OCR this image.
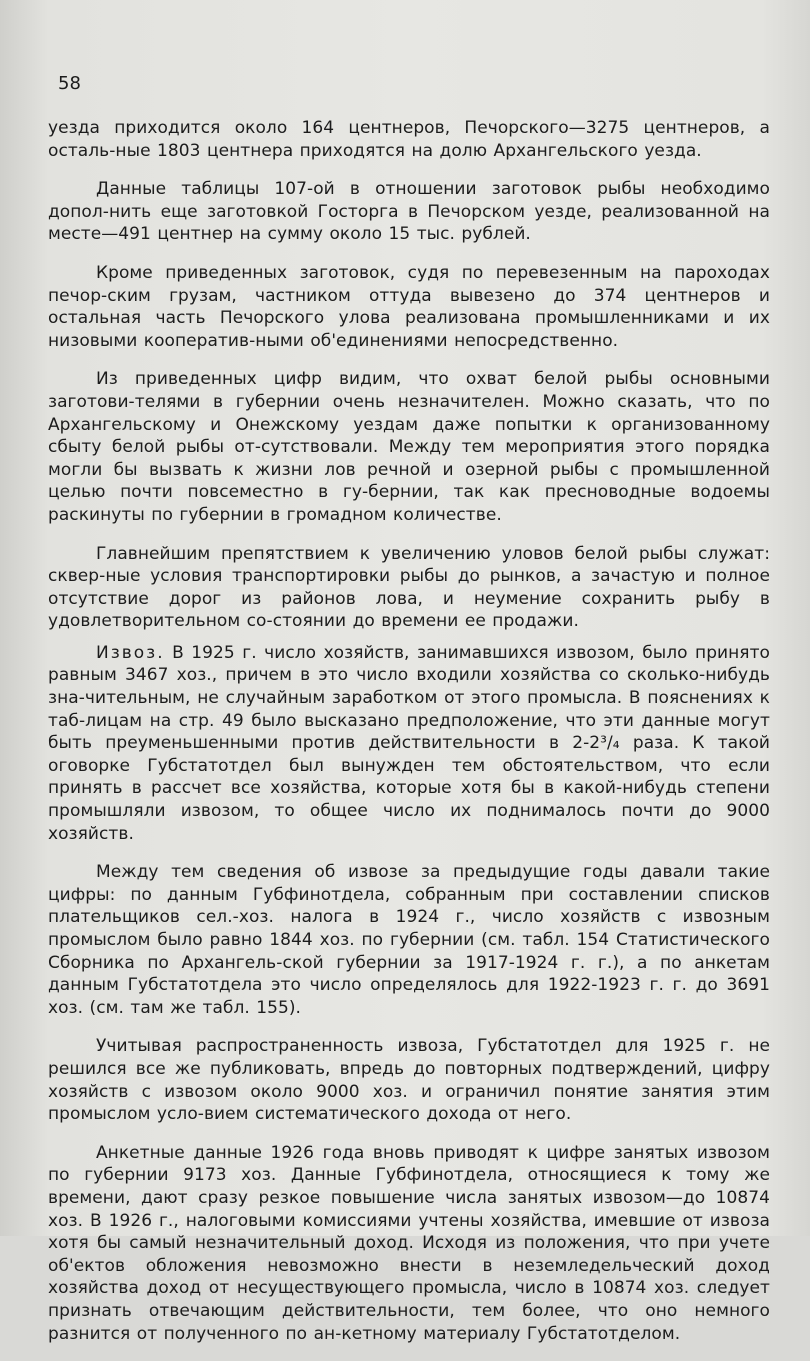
58

уезда приходится около 164 центнеров, Печорского—3275 центнеров, а осталь-ные 1803 центнера приходятся на долю Архангельского уезда.

Данные таблицы 107-ой в отношении заготовок рыбы необходимо допол-нить еще заготовкой Госторга в Печорском уезде, реализованной на месте—491 центнер на сумму около 15 тыс. рублей.

Кроме приведенных заготовок, судя по перевезенным на пароходах печор-ским грузам, частником оттуда вывезено до 374 центнеров и остальная часть Печорского улова реализована промышленниками и их низовыми кооператив-ными об'единениями непосредственно.

Из приведенных цифр видим, что охват белой рыбы основными заготови-телями в губернии очень незначителен. Можно сказать, что по Архангельскому и Онежскому уездам даже попытки к организованному сбыту белой рыбы от-сутствовали. Между тем мероприятия этого порядка могли бы вызвать к жизни лов речной и озерной рыбы с промышленной целью почти повсеместно в гу-бернии, так как пресноводные водоемы раскинуты по губернии в громадном количестве.

Главнейшим препятствием к увеличению уловов белой рыбы служат: сквер-ные условия транспортировки рыбы до рынков, а зачастую и полное отсутствие дорог из районов лова, и неумение сохранить рыбу в удовлетворительном со-стоянии до времени ее продажи.

Извоз. В 1925 г. число хозяйств, занимавшихся извозом, было принято равным 3467 хоз., причем в это число входили хозяйства со сколько-нибудь зна-чительным, не случайным заработком от этого промысла. В пояснениях к таб-лицам на стр. 49 было высказано предположение, что эти данные могут быть преуменьшенными против действительности в 2-2³/₄ раза. К такой оговорке Губстатотдел был вынужден тем обстоятельством, что если принять в рассчет все хозяйства, которые хотя бы в какой-нибудь степени промышляли извозом, то общее число их поднималось почти до 9000 хозяйств.

Между тем сведения об извозе за предыдущие годы давали такие цифры: по данным Губфинотдела, собранным при составлении списков плательщиков сел.-хоз. налога в 1924 г., число хозяйств с извозным промыслом было равно 1844 хоз. по губернии (см. табл. 154 Статистического Сборника по Архангель-ской губернии за 1917-1924 г. г.), а по анкетам данным Губстатотдела это число определялось для 1922-1923 г. г. до 3691 хоз. (см. там же табл. 155).

Учитывая распространенность извоза, Губстатотдел для 1925 г. не решился все же публиковать, впредь до повторных подтверждений, цифру хозяйств с извозом около 9000 хоз. и ограничил понятие занятия этим промыслом усло-вием систематического дохода от него.

Анкетные данные 1926 года вновь приводят к цифре занятых извозом по губернии 9173 хоз. Данные Губфинотдела, относящиеся к тому же времени, дают сразу резкое повышение числа занятых извозом—до 10874 хоз. В 1926 г., налоговыми комиссиями учтены хозяйства, имевшие от извоза хотя бы самый незначительный доход. Исходя из положения, что при учете об'ектов обложения невозможно внести в неземледельческий доход хозяйства доход от несуществующего промысла, число в 10874 хоз. следует признать отвечающим действительности, тем более, что оно немного разнится от полученного по ан-кетному материалу Губстатотделом.
